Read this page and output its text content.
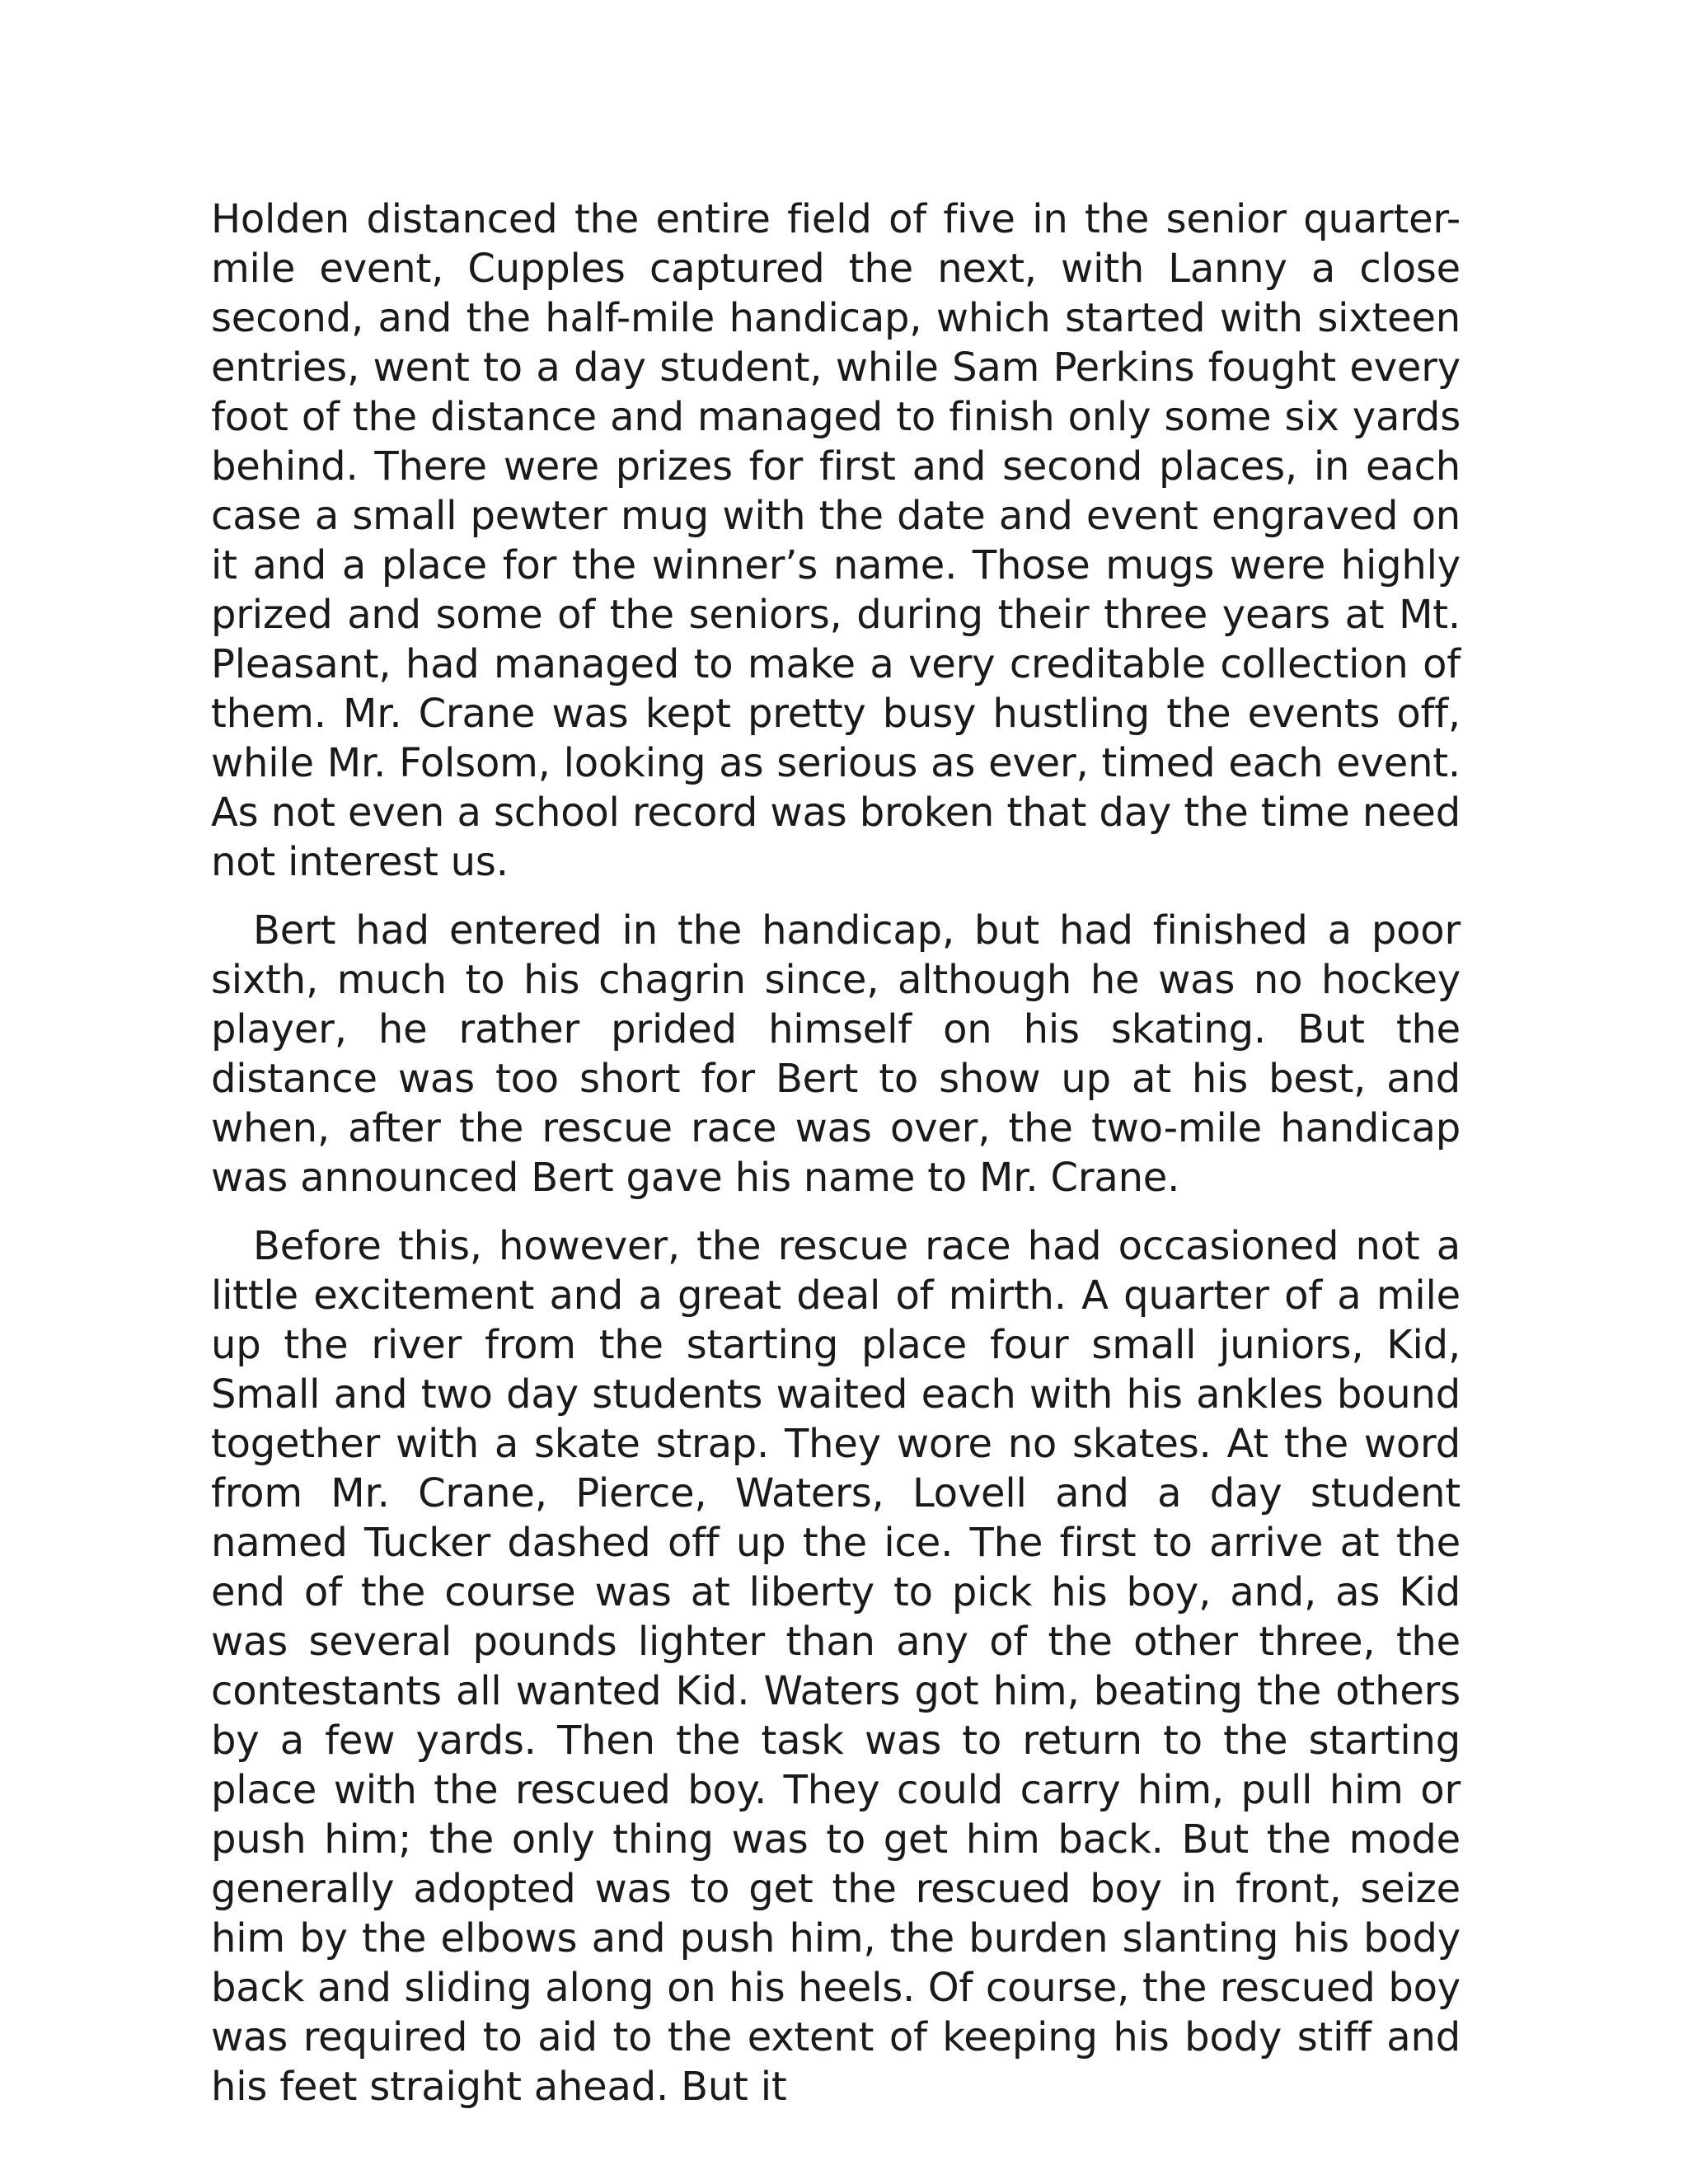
Holden distanced the entire field of five in the senior quarter-mile event, Cupples captured the next, with Lanny a close second, and the half-mile handicap, which started with sixteen entries, went to a day student, while Sam Perkins fought every foot of the distance and managed to finish only some six yards behind. There were prizes for first and second places, in each case a small pewter mug with the date and event engraved on it and a place for the winner’s name. Those mugs were highly prized and some of the seniors, during their three years at Mt. Pleasant, had managed to make a very creditable collection of them. Mr. Crane was kept pretty busy hustling the events off, while Mr. Folsom, looking as serious as ever, timed each event. As not even a school record was broken that day the time need not interest us.

Bert had entered in the handicap, but had finished a poor sixth, much to his chagrin since, although he was no hockey player, he rather prided himself on his skating. But the distance was too short for Bert to show up at his best, and when, after the rescue race was over, the two-mile handicap was announced Bert gave his name to Mr. Crane.

Before this, however, the rescue race had occasioned not a little excitement and a great deal of mirth. A quarter of a mile up the river from the starting place four small juniors, Kid, Small and two day students waited each with his ankles bound together with a skate strap. They wore no skates. At the word from Mr. Crane, Pierce, Waters, Lovell and a day student named Tucker dashed off up the ice. The first to arrive at the end of the course was at liberty to pick his boy, and, as Kid was several pounds lighter than any of the other three, the contestants all wanted Kid. Waters got him, beating the others by a few yards. Then the task was to return to the starting place with the rescued boy. They could carry him, pull him or push him; the only thing was to get him back. But the mode generally adopted was to get the rescued boy in front, seize him by the elbows and push him, the burden slanting his body back and sliding along on his heels. Of course, the rescued boy was required to aid to the extent of keeping his body stiff and his feet straight ahead. But it
